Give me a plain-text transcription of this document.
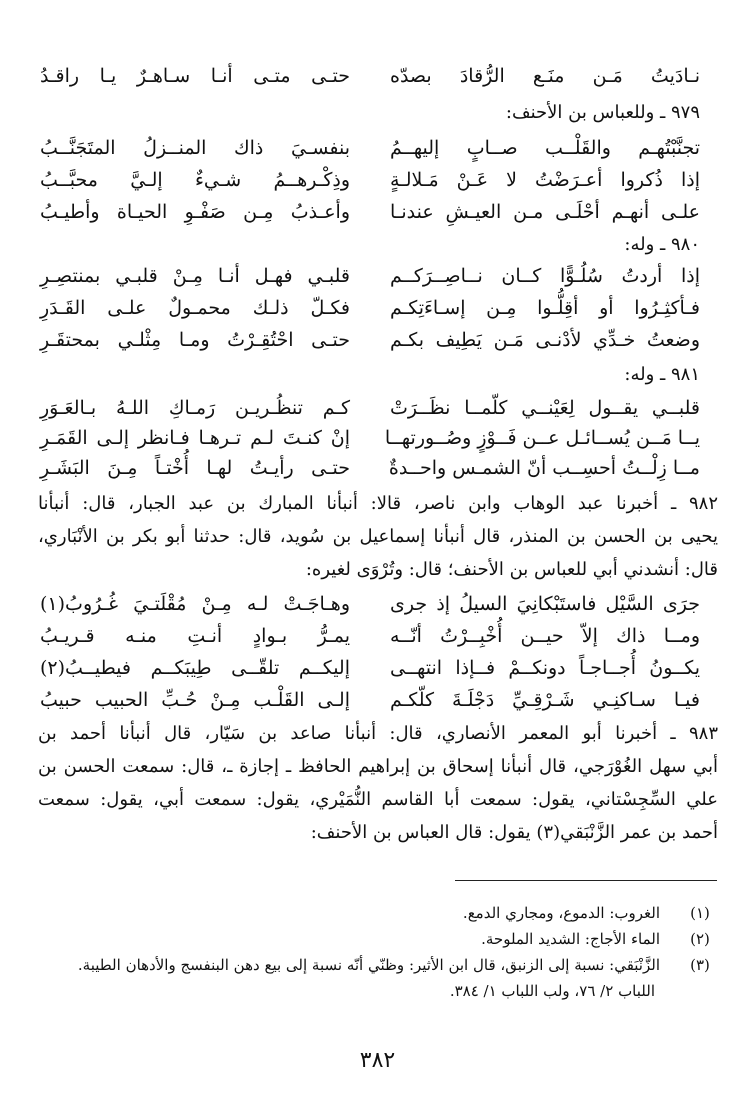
نـادَيتُ مَـن منَـع الرُّقادَ بصدّه
حتـى متـى أنـا سـاهـرٌ يـا راقـدُ
٩٧٩ ـ وللعباس بن الأحنف:
تجنَّبْتُهـم والقَلْــب صــابٍ إليهــمُ
بنفسـيَ ذاك المنــزلُ المتَجَنَّــبُ
إذا ذُكروا أعـرَضْتُ لا عَـنْ مَـلالـةٍ
وذِكْـرهــمُ شـيءٌ إلـيَّ محبَّــبُ
علـى أنهـم أحْلَـى مـن العيـشِ عندنـا
وأعـذبُ مِـن صَفْـوِ الحيـاة وأطيـبُ
٩٨٠ ـ وله:
إذا أردتُ سُلُـوًّا كــان نــاصِــرَكــم
قلبـي فهـل أنـا مِـنْ قلبـي بمنتصِـرِ
فـأكثِـرُوا أو أقِلُّـوا مِـن إسـاءَتِكـم
فكـلّ ذلـك محمـولٌ علـى القَـدَرِ
وضعتُ خـدِّي لأدْنـى مَـن يَطِيف بكـم
حتـى احْتُقِـرْتُ ومـا مِثْلـي بمحتقَـرِ
٩٨١ ـ وله:
قلبــي يقــول لِعَيْنــي كلّمــا نظَــرَتْ
كـم تنظُـريـن رَمـاكِ اللـهُ بـالعَـوَرِ
يــا مَــن يُســائـل عــن فَــوْزٍ وصُــورتهــا
إنْ كنـتَ لـم تـرهـا فـانظر إلـى القَمَـرِ
مــا زِلْــتُ أحسِــب أنّ الشمـس واحــدةٌ
حتـى رأيـتُ لهـا أُخْتـاً مِـنَ البَشَـرِ
٩٨٢ ـ أخبرنا عبد الوهاب وابن ناصر، قالا: أنبأنا المبارك بن عبد الجبار، قال: أنبأنا
يحيى بن الحسن بن المنذر، قال أنبأنا إسماعيل بن سُويد، قال: حدثنا أبو بكر بن الأنْبَاري،
قال: أنشدني أبي للعباس بن الأحنف؛ قال: وتُرْوَى لغيره:
جرَى السَّيْل فاستَبْكانِيَ السيلُ إذ جرى
وهـاجَـتْ لـه مِـنْ مُقْلَتـيَ غُـرُوبُ(١)
ومــا ذاك إلاّ حيــن أُخْبِــرْتُ أنّــه
يمـرُّ بـوادٍ أنـتِ منـه قـريـبُ
يكــونُ أُجــاجـاً دونكــمْ فــإذا انتهــى
إليكــم تلقّــى طِيبَكــم فيطيــبُ(٢)
فيـا سـاكنِـي شَـرْقِـيِّ دَجْلَـةَ كلّكـم
إلـى القَلْـب مِـنْ حُـبِّ الحبيب حبيبُ
٩٨٣ ـ أخبرنا أبو المعمر الأنصاري، قال: أنبأنا صاعد بن سَيّار، قال أنبأنا أحمد بن
أبي سهل الغُوْرَجي، قال أنبأنا إسحاق بن إبراهيم الحافظ ـ إجازة ـ، قال: سمعت الحسن بن
علي السِّجِسْتاني، يقول: سمعت أبا القاسم النُّمَيْري، يقول: سمعت أبي، يقول: سمعت
أحمد بن عمر الزَّنْبَقي(٣) يقول: قال العباس بن الأحنف:
(١)
الغروب: الدموع، ومجاري الدمع.
(٢)
الماء الأجاج: الشديد الملوحة.
(٣)
الزَّنْبَقي: نسبة إلى الزنبق، قال ابن الأثير: وظنّي أنّه نسبة إلى بيع دهن البنفسج والأدهان الطيبة.
اللباب ٢/ ٧٦، ولب اللباب ١/ ٣٨٤.
٣٨٢
